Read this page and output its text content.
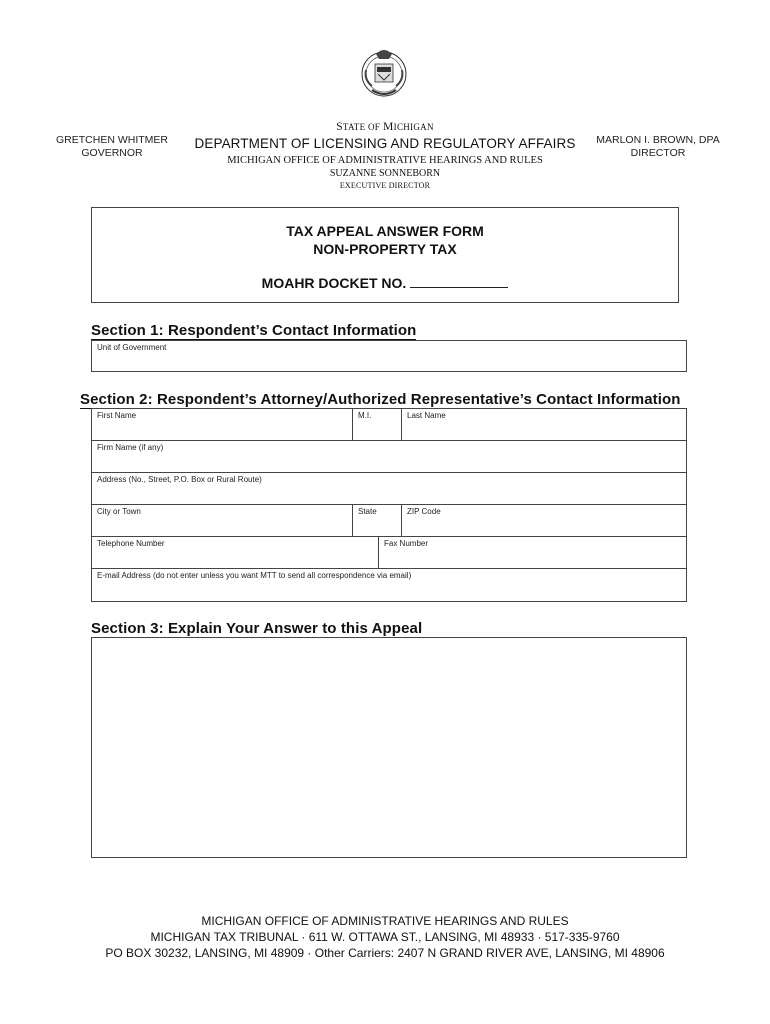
GRETCHEN WHITMER
GOVERNOR
MARLON I. BROWN, DPA
DIRECTOR
STATE OF MICHIGAN
DEPARTMENT OF LICENSING AND REGULATORY AFFAIRS
MICHIGAN OFFICE OF ADMINISTRATIVE HEARINGS AND RULES
SUZANNE SONNEBORN
EXECUTIVE DIRECTOR
TAX APPEAL ANSWER FORM
NON-PROPERTY TAX
MOAHR DOCKET NO.
Section 1: Respondent’s Contact Information
Unit of Government
Section 2: Respondent’s Attorney/Authorized Representative’s Contact Information
First Name	M.I.	Last Name
Firm Name (if any)
Address (No., Street, P.O. Box or Rural Route)
City or Town	State	ZIP Code
Telephone Number	Fax Number
E-mail Address (do not enter unless you want MTT to send all correspondence via email)
Section 3: Explain Your Answer to this Appeal
MICHIGAN OFFICE OF ADMINISTRATIVE HEARINGS AND RULES
MICHIGAN TAX TRIBUNAL · 611 W. OTTAWA ST., LANSING, MI 48933 · 517-335-9760
PO BOX 30232, LANSING, MI 48909 · Other Carriers: 2407 N GRAND RIVER AVE, LANSING, MI 48906
